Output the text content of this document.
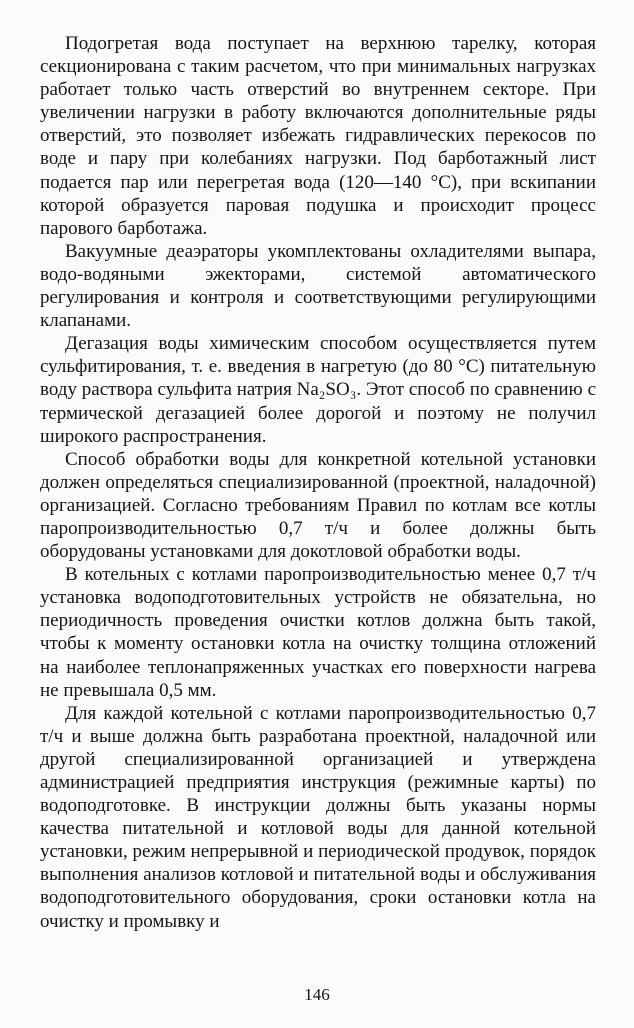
Подогретая вода поступает на верхнюю тарелку, которая секционирована с таким расчетом, что при минимальных нагрузках работает только часть отверстий во внутреннем секторе. При увеличении нагрузки в работу включаются дополнительные ряды отверстий, это позволяет избежать гидравлических перекосов по воде и пару при колебаниях нагрузки. Под барботажный лист подается пар или перегретая вода (120—140 °С), при вскипании которой образуется паровая подушка и происходит процесс парового барботажа.

Вакуумные деаэраторы укомплектованы охладителями выпара, водо-водяными эжекторами, системой автоматического регулирования и контроля и соответствующими регулирующими клапанами.

Дегазация воды химическим способом осуществляется путем сульфитирования, т. е. введения в нагретую (до 80 °С) питательную воду раствора сульфита натрия Na₂SO₃. Этот способ по сравнению с термической дегазацией более дорогой и поэтому не получил широкого распространения.

Способ обработки воды для конкретной котельной установки должен определяться специализированной (проектной, наладочной) организацией. Согласно требованиям Правил по котлам все котлы паропроизводительностью 0,7 т/ч и более должны быть оборудованы установками для докотловой обработки воды.

В котельных с котлами паропроизводительностью менее 0,7 т/ч установка водоподготовительных устройств не обязательна, но периодичность проведения очистки котлов должна быть такой, чтобы к моменту остановки котла на очистку толщина отложений на наиболее теплонапряженных участках его поверхности нагрева не превышала 0,5 мм.

Для каждой котельной с котлами паропроизводительностью 0,7 т/ч и выше должна быть разработана проектной, наладочной или другой специализированной организацией и утверждена администрацией предприятия инструкция (режимные карты) по водоподготовке. В инструкции должны быть указаны нормы качества питательной и котловой воды для данной котельной установки, режим непрерывной и периодической продувок, порядок выполнения анализов котловой и питательной воды и обслуживания водоподготовительного оборудования, сроки остановки котла на очистку и промывку и

146
